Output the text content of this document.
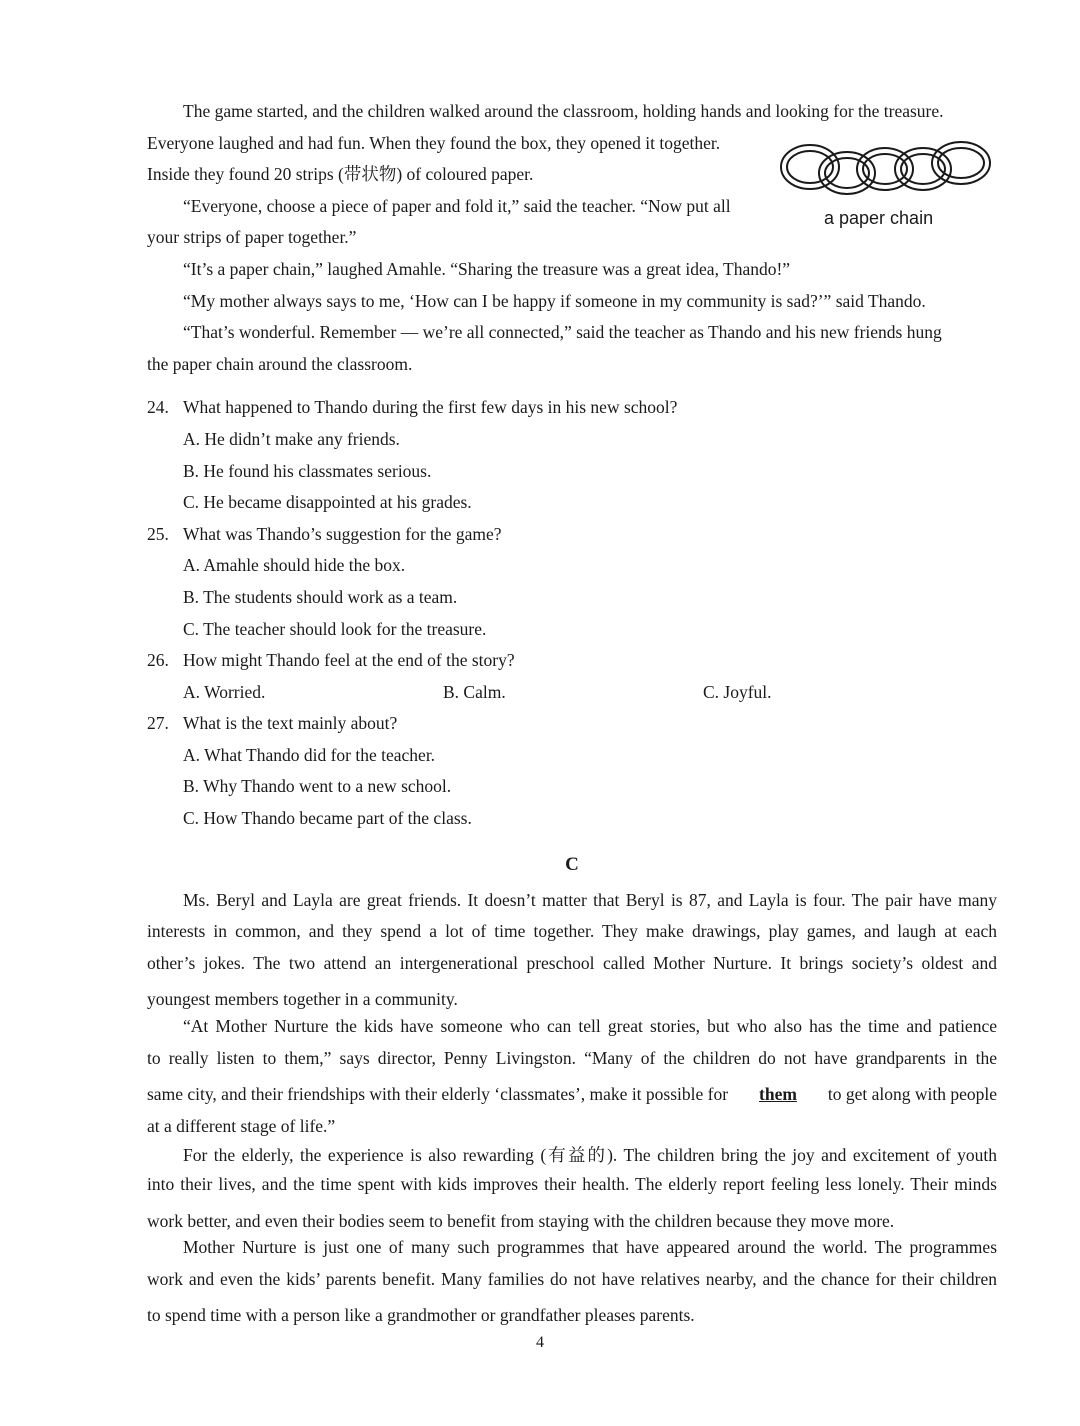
a paper chain
The game started, and the children walked around the classroom, holding hands and looking for the treasure.
Everyone laughed and had fun. When they found the box, they opened it together.
Inside they found 20 strips (带状物) of coloured paper.
“Everyone, choose a piece of paper and fold it,” said the teacher. “Now put all
your strips of paper together.”
“It’s a paper chain,” laughed Amahle. “Sharing the treasure was a great idea, Thando!”
“My mother always says to me, ‘How can I be happy if someone in my community is sad?’” said Thando.
“That’s wonderful. Remember — we’re all connected,” said the teacher as Thando and his new friends hung
the paper chain around the classroom.
24. What happened to Thando during the first few days in his new school?
A. He didn’t make any friends.
B. He found his classmates serious.
C. He became disappointed at his grades.
25. What was Thando’s suggestion for the game?
A. Amahle should hide the box.
B. The students should work as a team.
C. The teacher should look for the treasure.
26. How might Thando feel at the end of the story?
A. Worried.	B. Calm.	C. Joyful.
27. What is the text mainly about?
A. What Thando did for the teacher.
B. Why Thando went to a new school.
C. How Thando became part of the class.
C
Ms. Beryl and Layla are great friends. It doesn’t matter that Beryl is 87, and Layla is four. The pair have many
interests in common, and they spend a lot of time together. They make drawings, play games, and laugh at each
other’s jokes. The two attend an intergenerational preschool called Mother Nurture. It brings society’s oldest and
youngest members together in a community.
“At Mother Nurture the kids have someone who can tell great stories, but who also has the time and patience
to really listen to them,” says director, Penny Livingston. “Many of the children do not have grandparents in the
same city, and their friendships with their elderly ‘classmates’, make it possible for them to get along with people
at a different stage of life.”
For the elderly, the experience is also rewarding (有益的). The children bring the joy and excitement of youth
into their lives, and the time spent with kids improves their health. The elderly report feeling less lonely. Their minds
work better, and even their bodies seem to benefit from staying with the children because they move more.
Mother Nurture is just one of many such programmes that have appeared around the world. The programmes
work and even the kids’ parents benefit. Many families do not have relatives nearby, and the chance for their children
to spend time with a person like a grandmother or grandfather pleases parents.
4
